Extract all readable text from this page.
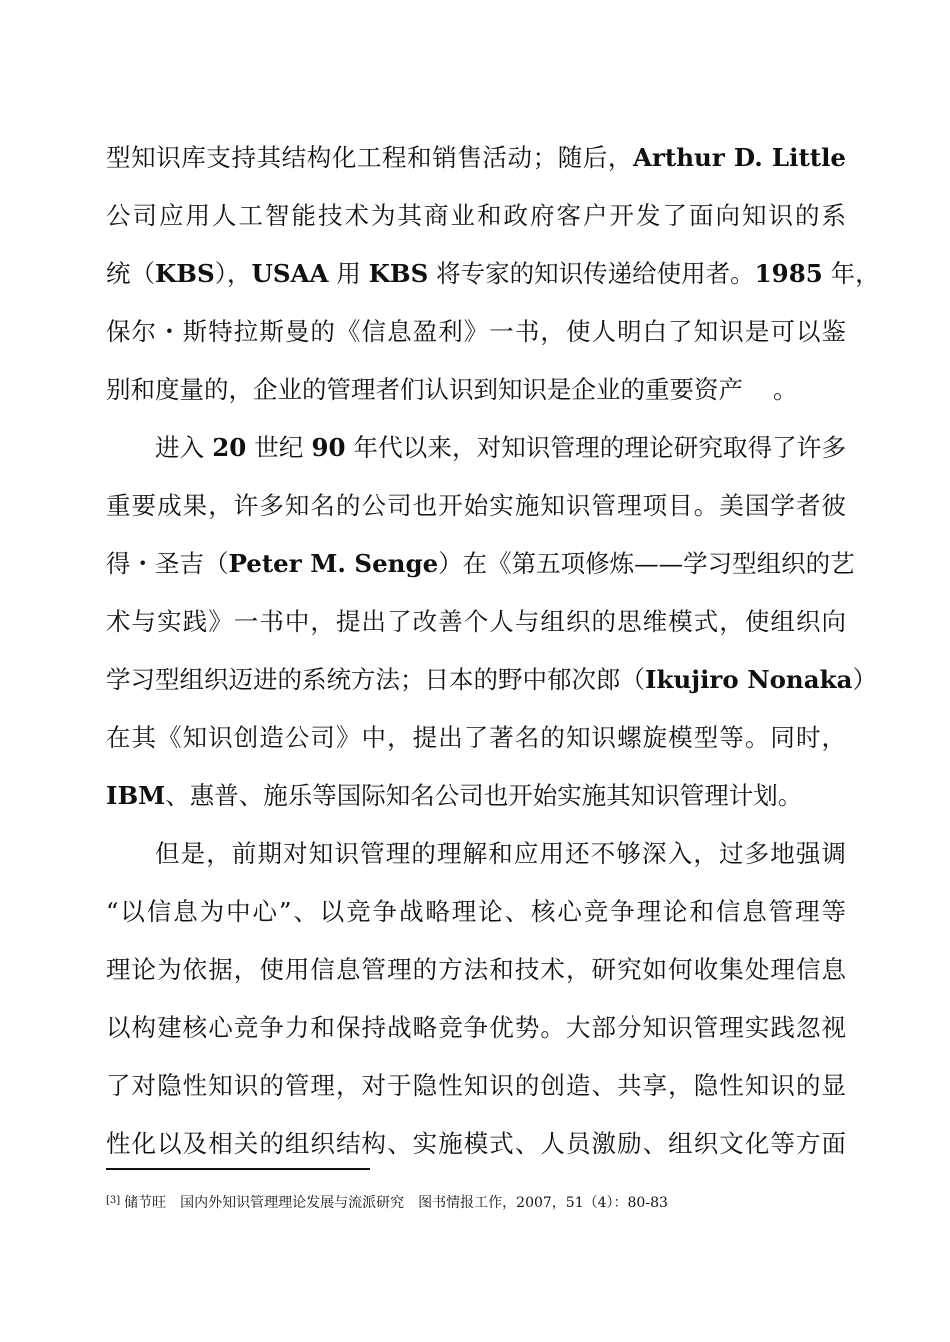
型知识库支持其结构化工程和销售活动；随后，Arthur D. Little
公司应用人工智能技术为其商业和政府客户开发了面向知识的系
统（KBS），USAA 用 KBS 将专家的知识传递给使用者。1985 年，
保尔・斯特拉斯曼的《信息盈利》一书，使人明白了知识是可以鉴
别和度量的，企业的管理者们认识到知识是企业的重要资产 。
进入 20 世纪 90 年代以来，对知识管理的理论研究取得了许多
重要成果，许多知名的公司也开始实施知识管理项目。美国学者彼
得・圣吉（Peter M. Senge）在《第五项修炼——学习型组织的艺
术与实践》一书中，提出了改善个人与组织的思维模式，使组织向
学习型组织迈进的系统方法；日本的野中郁次郎（Ikujiro Nonaka）
在其《知识创造公司》中，提出了著名的知识螺旋模型等。同时，
IBM、惠普、施乐等国际知名公司也开始实施其知识管理计划。
但是，前期对知识管理的理解和应用还不够深入，过多地强调
“以信息为中心”、以竞争战略理论、核心竞争理论和信息管理等
理论为依据，使用信息管理的方法和技术，研究如何收集处理信息
以构建核心竞争力和保持战略竞争优势。大部分知识管理实践忽视
了对隐性知识的管理，对于隐性知识的创造、共享，隐性知识的显
性化以及相关的组织结构、实施模式、人员激励、组织文化等方面
[3] 储节旺　国内外知识管理理论发展与流派研究　图书情报工作，2007，51（4）：80-83
